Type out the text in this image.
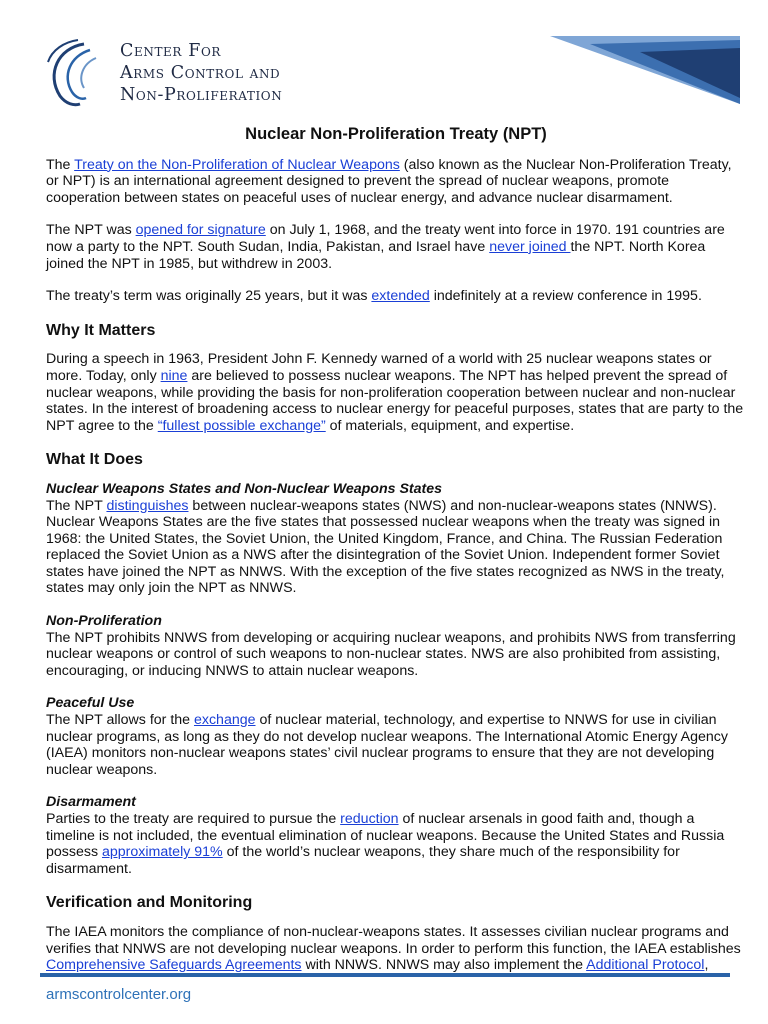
Center For
Arms Control and
Non-Proliferation
Nuclear Non-Proliferation Treaty (NPT)

The Treaty on the Non-Proliferation of Nuclear Weapons (also known as the Nuclear Non-Proliferation Treaty, or NPT) is an international agreement designed to prevent the spread of nuclear weapons, promote cooperation between states on peaceful uses of nuclear energy, and advance nuclear disarmament.

The NPT was opened for signature on July 1, 1968, and the treaty went into force in 1970. 191 countries are now a party to the NPT. South Sudan, India, Pakistan, and Israel have never joined the NPT. North Korea joined the NPT in 1985, but withdrew in 2003.

The treaty’s term was originally 25 years, but it was extended indefinitely at a review conference in 1995.

Why It Matters

During a speech in 1963, President John F. Kennedy warned of a world with 25 nuclear weapons states or more. Today, only nine are believed to possess nuclear weapons. The NPT has helped prevent the spread of nuclear weapons, while providing the basis for non-proliferation cooperation between nuclear and non-nuclear states. In the interest of broadening access to nuclear energy for peaceful purposes, states that are party to the NPT agree to the “fullest possible exchange” of materials, equipment, and expertise.

What It Does
Nuclear Weapons States and Non-Nuclear Weapons States

The NPT distinguishes between nuclear-weapons states (NWS) and non-nuclear-weapons states (NNWS). Nuclear Weapons States are the five states that possessed nuclear weapons when the treaty was signed in 1968: the United States, the Soviet Union, the United Kingdom, France, and China. The Russian Federation replaced the Soviet Union as a NWS after the disintegration of the Soviet Union. Independent former Soviet states have joined the NPT as NNWS. With the exception of the five states recognized as NWS in the treaty, states may only join the NPT as NNWS.

Non-Proliferation

The NPT prohibits NNWS from developing or acquiring nuclear weapons, and prohibits NWS from transferring nuclear weapons or control of such weapons to non-nuclear states. NWS are also prohibited from assisting, encouraging, or inducing NNWS to attain nuclear weapons.

Peaceful Use

The NPT allows for the exchange of nuclear material, technology, and expertise to NNWS for use in civilian nuclear programs, as long as they do not develop nuclear weapons. The International Atomic Energy Agency (IAEA) monitors non-nuclear weapons states’ civil nuclear programs to ensure that they are not developing nuclear weapons.

Disarmament

Parties to the treaty are required to pursue the reduction of nuclear arsenals in good faith and, though a timeline is not included, the eventual elimination of nuclear weapons. Because the United States and Russia possess approximately 91% of the world’s nuclear weapons, they share much of the responsibility for disarmament.

Verification and Monitoring

The IAEA monitors the compliance of non-nuclear-weapons states. It assesses civilian nuclear programs and verifies that NNWS are not developing nuclear weapons. In order to perform this function, the IAEA establishes Comprehensive Safeguards Agreements with NNWS. NNWS may also implement the Additional Protocol,

armscontrolcenter.org
